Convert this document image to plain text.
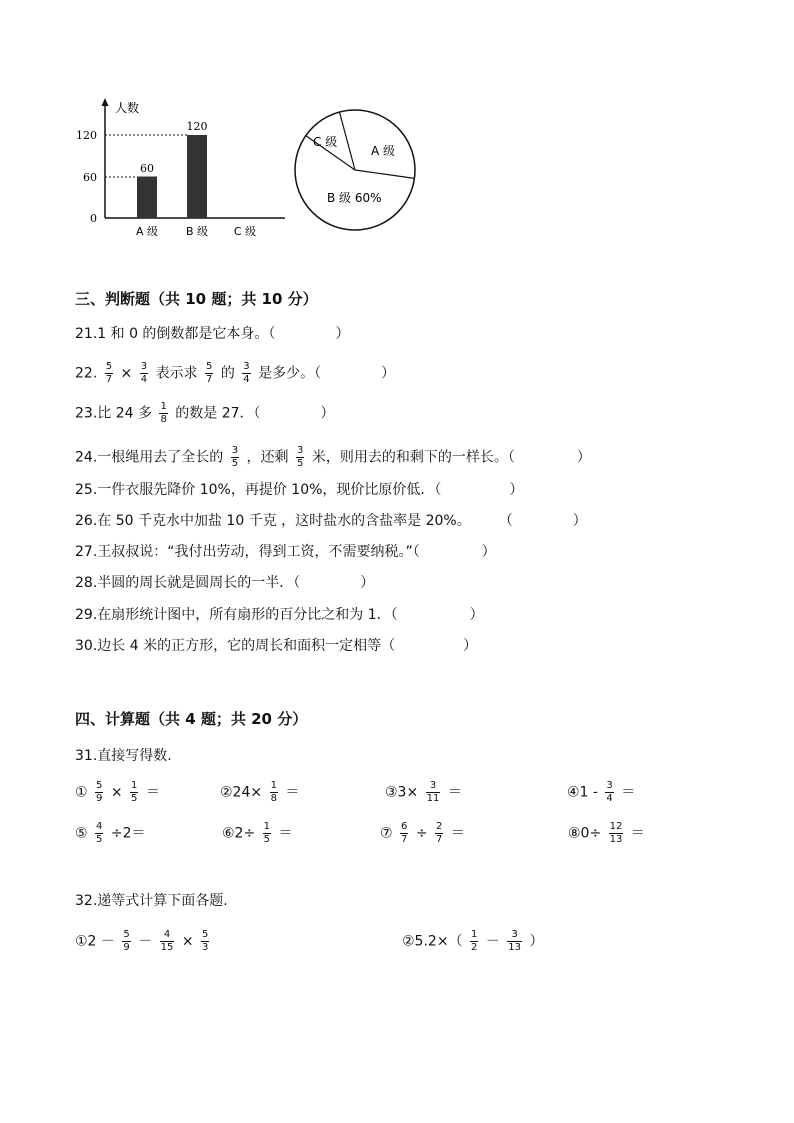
人数
0
60
120
60
120
A 级	B 级 C 级
A 级
B 级 60%
C 级
三、判断题（共 10 题；共 10 分）
21.1 和 0 的倒数都是它本身。（	）
22. $\frac{5}{7} \times \frac{3}{4}$ 表示求 $\frac{5}{7}$ 的 $\frac{3}{4}$ 是多少。（	）
23.比 24 多 $\frac{1}{8}$ 的数是 27．（	）
24.一根绳用去了全长的 $\frac{3}{5}$ ，还剩 $\frac{3}{5}$ 米，则用去的和剩下的一样长。（	）
25.一件衣服先降价 10%，再提价 10%，现价比原价低．（	）
26.在 50 千克水中加盐 10 千克 ，这时盐水的含盐率是 20%。 （	）
27.王叔叔说：“我付出劳动，得到工资，不需要纳税。”（	）
28.半圆的周长就是圆周长的一半．（	）
29.在扇形统计图中，所有扇形的百分比之和为 1．（	）
30.边长 4 米的正方形，它的周长和面积一定相等（	）
四、计算题（共 4 题；共 20 分）
31.直接写得数.
① $\frac{5}{9} \times \frac{1}{5}$ ＝	②24× $\frac{1}{8}$ ＝	③3× $\frac{3}{11}$ ＝	④1 - $\frac{3}{4}$ ＝
⑤ $\frac{4}{5} \div 2=$	⑥2÷ $\frac{1}{5}$ ＝	⑦ $\frac{6}{7} \div \frac{2}{7}$ ＝	⑧0÷ $\frac{12}{13}$ ＝
32.递等式计算下面各题.
①2 － $\frac{5}{9} - \frac{4}{15} \times \frac{5}{3}$	②5.2×（ $\frac{1}{2} - \frac{3}{13}$ ）
